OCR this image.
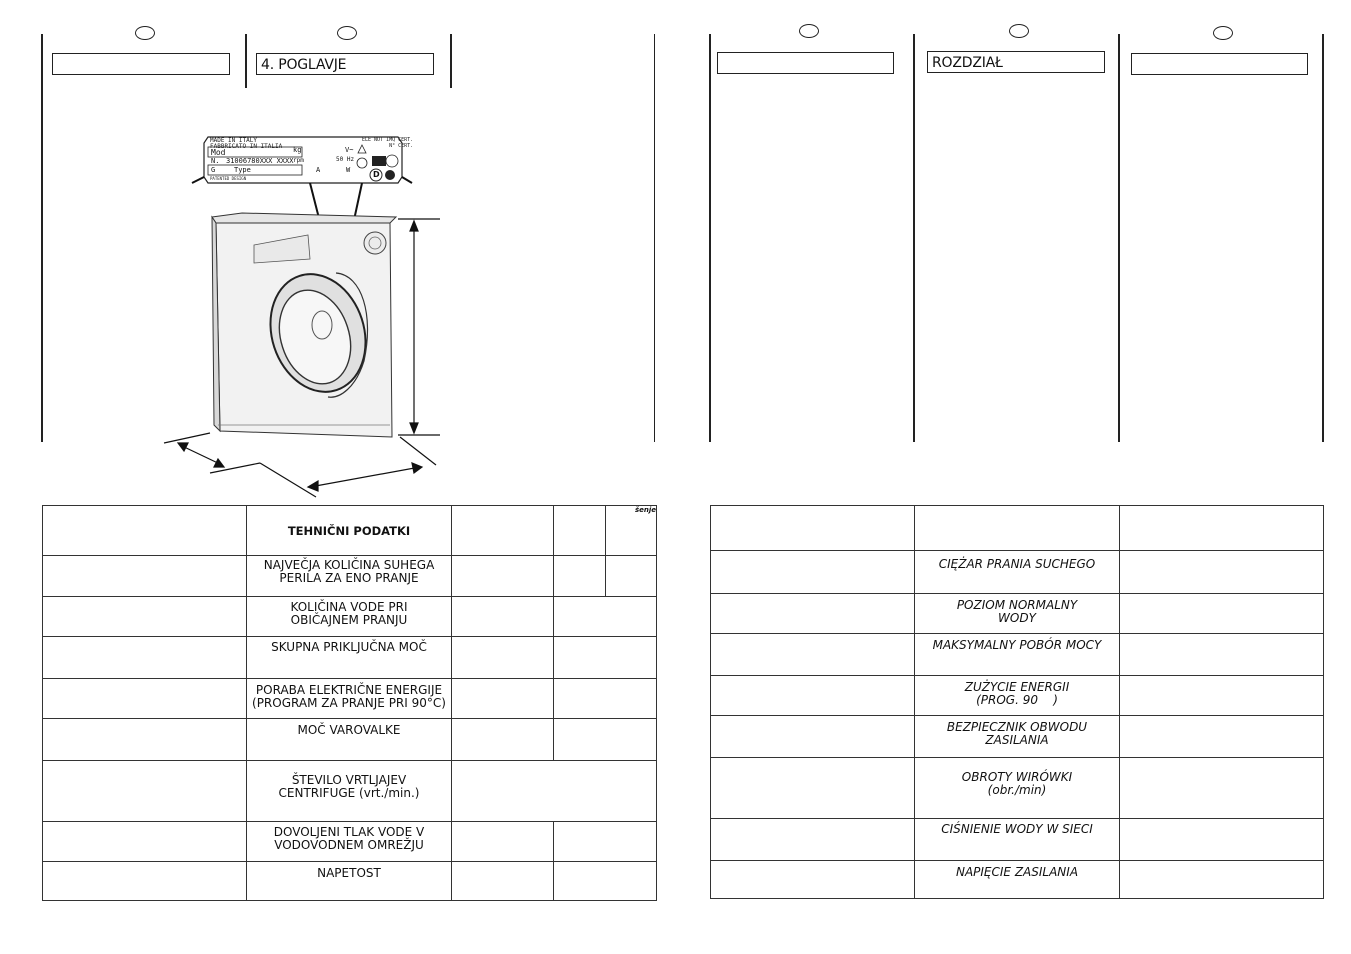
4. POGLAVJE
MADE IN ITALY
FABBRICATO IN ITALIA
ELE NOT IMQ CERT.
N° CERT.
Mod	kg	V~
N. 31006780XXX XXXX rpm	50 Hz
G	Type	A	W	D
PATENTED DESIGN
	TEHNIČNI PODATKI			šenje

	NAJVEČJA KOLIČINA SUHEGA
PERILA ZA ENO PRANJE			

	KOLIČINA VODE PRI
OBIČAJNEM PRANJU			

	SKUPNA PRIKLJUČNA MOČ			

	PORABA ELEKTRIČNE ENERGIJE
(PROGRAM ZA PRANJE PRI 90°C)			

	MOČ VAROVALKE			

	ŠTEVILO VRTLJAJEV
CENTRIFUGE (vrt./min.)			

	DOVOLJENI TLAK VODE V
VODOVODNEM OMREŽJU			

	NAPETOST			

ROZDZIAŁ

	CIĘŻAR PRANIA SUCHEGO	

	POZIOM NORMALNY
WODY	

	MAKSYMALNY POBÓR MOCY	

	ZUŻYCIE ENERGII
(PROG. 90    )	

	BEZPIECZNIK OBWODU
ZASILANIA	

	OBROTY WIRÓWKI
(obr./min)	

	CIŚNIENIE WODY W SIECI	

	NAPIĘCIE ZASILANIA	
